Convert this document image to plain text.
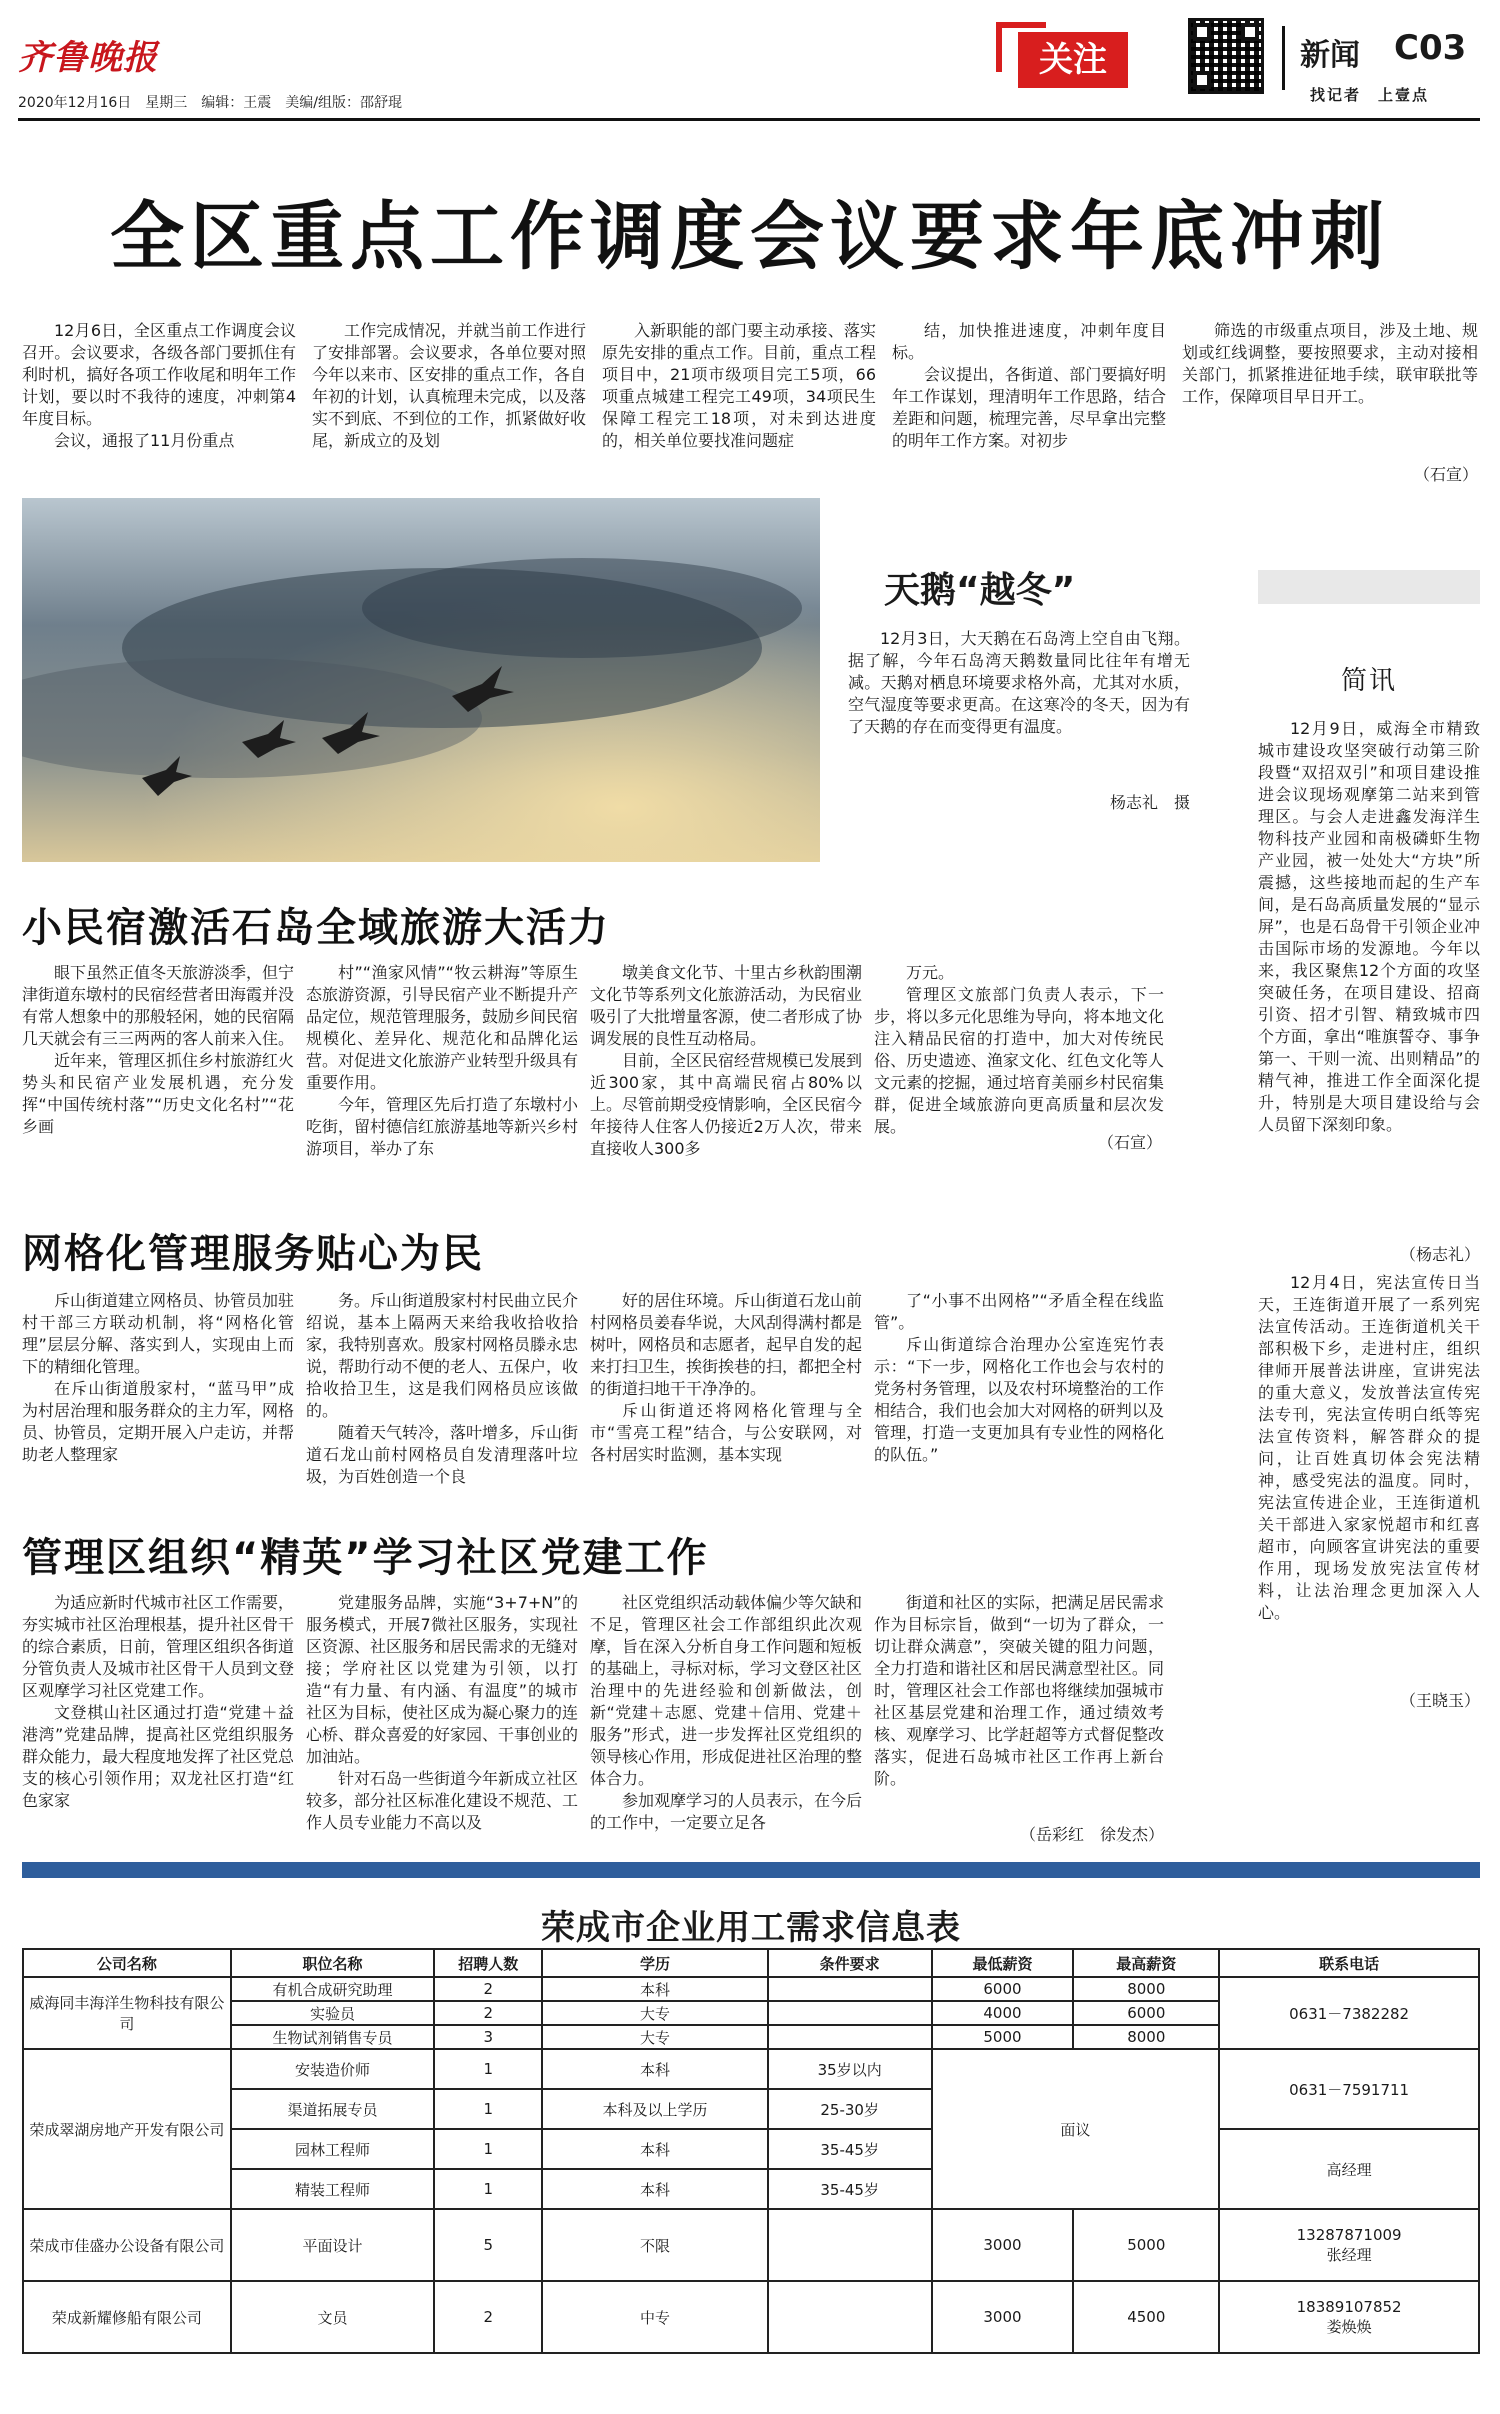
齐鲁晚报
2020年12月16日 星期三 编辑：王震 美编/组版：邵舒琨
关注	新闻 C03
找记者　上壹点
全区重点工作调度会议要求年底冲刺

12月6日，全区重点工作调度会议召开。会议要求，各级各部门要抓住有利时机，搞好各项工作收尾和明年工作计划，要以时不我待的速度，冲刺第4年度目标。

会议，通报了11月份重点

工作完成情况，并就当前工作进行了安排部署。会议要求，各单位要对照今年以来市、区安排的重点工作，各自年初的计划，认真梳理未完成，以及落实不到底、不到位的工作，抓紧做好收尾，新成立的及划

入新职能的部门要主动承接、落实原先安排的重点工作。目前，重点工程项目中，21项市级项目完工5项，66项重点城建工程完工49项，34项民生保障工程完工18项，对未到达进度的，相关单位要找准问题症

结，加快推进速度，冲刺年度目标。

会议提出，各街道、部门要搞好明年工作谋划，理清明年工作思路，结合差距和问题，梳理完善，尽早拿出完整的明年工作方案。对初步

筛选的市级重点项目，涉及土地、规划或红线调整，要按照要求，主动对接相关部门，抓紧推进征地手续，联审联批等工作，保障项目早日开工。

（石宣）
天鹅“越冬”

12月3日，大天鹅在石岛湾上空自由飞翔。据了解，今年石岛湾天鹅数量同比往年有增无减。天鹅对栖息环境要求格外高，尤其对水质，空气湿度等要求更高。在这寒冷的冬天，因为有了天鹅的存在而变得更有温度。

杨志礼　摄
小民宿激活石岛全域旅游大活力

眼下虽然正值冬天旅游淡季，但宁津街道东墩村的民宿经营者田海霞并没有常人想象中的那般轻闲，她的民宿隔几天就会有三三两两的客人前来入住。

近年来，管理区抓住乡村旅游红火势头和民宿产业发展机遇，充分发挥“中国传统村落”“历史文化名村”“花乡画

村”“渔家风情”“牧云耕海”等原生态旅游资源，引导民宿产业不断提升产品定位，规范管理服务，鼓励乡间民宿规模化、差异化、规范化和品牌化运营。对促进文化旅游产业转型升级具有重要作用。

今年，管理区先后打造了东墩村小吃街，留村德信红旅游基地等新兴乡村游项目，举办了东

墩美食文化节、十里古乡秋韵围潮文化节等系列文化旅游活动，为民宿业吸引了大批增量客源，使二者形成了协调发展的良性互动格局。

目前，全区民宿经营规模已发展到近300家，其中高端民宿占80%以上。尽管前期受疫情影响，全区民宿今年接待人住客人仍接近2万人次，带来直接收人300多

万元。

管理区文旅部门负责人表示，下一步，将以多元化思维为导向，将本地文化注入精品民宿的打造中，加大对传统民俗、历史遗迹、渔家文化、红色文化等人文元素的挖掘，通过培育美丽乡村民宿集群，促进全域旅游向更高质量和层次发展。

（石宣）
网格化管理服务贴心为民

斥山街道建立网格员、协管员加驻村干部三方联动机制，将“网格化管理”层层分解、落实到人，实现由上而下的精细化管理。

在斥山街道殷家村，“蓝马甲”成为村居治理和服务群众的主力军，网格员、协管员，定期开展入户走访，并帮助老人整理家

务。斥山街道殷家村村民曲立民介绍说，基本上隔两天来给我收拾收拾家，我特别喜欢。殷家村网格员滕永忠说，帮助行动不便的老人、五保户，收拾收拾卫生，这是我们网格员应该做的。

随着天气转冷，落叶增多，斥山街道石龙山前村网格员自发清理落叶垃圾，为百姓创造一个良

好的居住环境。斥山街道石龙山前村网格员姜春华说，大风刮得满村都是树叶，网格员和志愿者，起早自发的起来打扫卫生，挨街挨巷的扫，都把全村的街道扫地干干净净的。

斥山街道还将网格化管理与全市“雪亮工程”结合，与公安联网，对各村居实时监测，基本实现

了“小事不出网格”“矛盾全程在线监管”。

斥山街道综合治理办公室连宪竹表示：“下一步，网格化工作也会与农村的党务村务管理，以及农村环境整治的工作相结合，我们也会加大对网格的研判以及管理，打造一支更加具有专业性的网格化的队伍。”

管理区组织“精英”学习社区党建工作

为适应新时代城市社区工作需要，夯实城市社区治理根基，提升社区骨干的综合素质，日前，管理区组织各街道分管负责人及城市社区骨干人员到文登区观摩学习社区党建工作。

文登棋山社区通过打造“党建＋益港湾”党建品牌，提高社区党组织服务群众能力，最大程度地发挥了社区党总支的核心引领作用；双龙社区打造“红色家家

党建服务品牌，实施“3+7+N”的服务模式，开展7微社区服务，实现社区资源、社区服务和居民需求的无缝对接；学府社区以党建为引领，以打造“有力量、有内涵、有温度”的城市社区为目标，使社区成为凝心聚力的连心桥、群众喜爱的好家园、干事创业的加油站。

针对石岛一些街道今年新成立社区较多，部分社区标准化建设不规范、工作人员专业能力不高以及

社区党组织活动载体偏少等欠缺和不足，管理区社会工作部组织此次观摩，旨在深入分析自身工作问题和短板的基础上，寻标对标，学习文登区社区治理中的先进经验和创新做法，创新“党建＋志愿、党建＋信用、党建＋服务”形式，进一步发挥社区党组织的领导核心作用，形成促进社区治理的整体合力。

参加观摩学习的人员表示，在今后的工作中，一定要立足各

街道和社区的实际，把满足居民需求作为目标宗旨，做到“一切为了群众，一切让群众满意”，突破关键的阻力问题，全力打造和谐社区和居民满意型社区。同时，管理区社会工作部也将继续加强城市社区基层党建和治理工作，通过绩效考核、观摩学习、比学赶超等方式督促整改落实，促进石岛城市社区工作再上新台阶。

（岳彩红　徐发杰）
简讯

12月9日，威海全市精致城市建设攻坚突破行动第三阶段暨“双招双引”和项目建设推进会议现场观摩第二站来到管理区。与会人走进鑫发海洋生物科技产业园和南极磷虾生物产业园，被一处处大“方块”所震撼，这些接地而起的生产车间，是石岛高质量发展的“显示屏”，也是石岛骨干引领企业冲击国际市场的发源地。今年以来，我区聚焦12个方面的攻坚突破任务，在项目建设、招商引资、招才引智、精致城市四个方面，拿出“唯旗誓夺、事争第一、干则一流、出则精品”的精气神，推进工作全面深化提升，特别是大项目建设给与会人员留下深刻印象。

（杨志礼）

12月4日，宪法宣传日当天，王连街道开展了一系列宪法宣传活动。王连街道机关干部积极下乡，走进村庄，组织律师开展普法讲座，宣讲宪法的重大意义，发放普法宣传宪法专刊，宪法宣传明白纸等宪法宣传资料，解答群众的提问，让百姓真切体会宪法精神，感受宪法的温度。同时，宪法宣传进企业，王连街道机关干部进入家家悦超市和红喜超市，向顾客宣讲宪法的重要作用，现场发放宪法宣传材料，让法治理念更加深入人心。

（王晓玉）
荣成市企业用工需求信息表
公司名称	职位名称	招聘人数	学历	条件要求	最低薪资	最高薪资	联系电话
威海同丰海洋生物科技有限公司	有机合成研究助理	2	本科		6000	8000	0631－7382282
	实验员	2	大专		4000	6000	
	生物试剂销售专员	3	大专		5000	8000	
荣成翠湖房地产开发有限公司	安装造价师	1	本科	35岁以内	面议		0631－7591711
	渠道拓展专员	1	本科及以上学历	25-30岁			
	园林工程师	1	本科	35-45岁			高经理
	精装工程师	1	本科	35-45岁			
荣成市佳盛办公设备有限公司	平面设计	5	不限		3000	5000	13287871009
张经理

荣成新耀修船有限公司	文员	2	中专		3000	4500	18389107852
娄焕焕
